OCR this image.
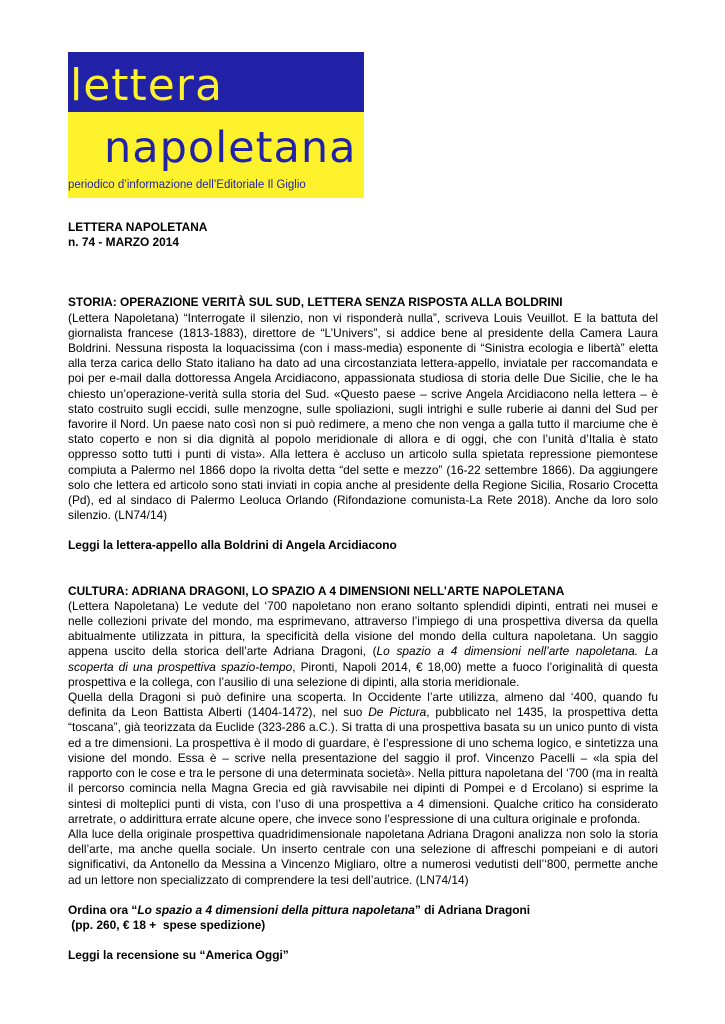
lettera
napoletana
periodico d’informazione dell’Editoriale Il Giglio
LETTERA NAPOLETANA
n. 74 - MARZO 2014
STORIA: OPERAZIONE VERITÀ SUL SUD, LETTERA SENZA RISPOSTA ALLA BOLDRINI
(Lettera Napoletana) “Interrogate il silenzio, non vi risponderà nulla”, scriveva Louis Veuillot. E la battuta del giornalista francese (1813-1883), direttore de “L’Univers”, si addice bene al presidente della Camera Laura Boldrini. Nessuna risposta la loquacissima (con i mass-media) esponente di “Sinistra ecologia e libertà” eletta alla terza carica dello Stato italiano ha dato ad una circostanziata lettera-appello, inviatale per raccomandata e poi per e-mail dalla dottoressa Angela Arcidiacono, appassionata studiosa di storia delle Due Sicilie, che le ha chiesto un’operazione-verità sulla storia del Sud. «Questo paese – scrive Angela Arcidiacono nella lettera – è stato costruito sugli eccidi, sulle menzogne, sulle spoliazioni, sugli intrighi e sulle ruberie ai danni del Sud per favorire il Nord. Un paese nato così non si può redimere, a meno che non venga a galla tutto il marciume che è stato coperto e non si dia dignità al popolo meridionale di allora e di oggi, che con l’unità d’Italia è stato oppresso sotto tutti i punti di vista». Alla lettera è accluso un articolo sulla spietata repressione piemontese compiuta a Palermo nel 1866 dopo la rivolta detta “del sette e mezzo” (16-22 settembre 1866). Da aggiungere solo che lettera ed articolo sono stati inviati in copia anche al presidente della Regione Sicilia, Rosario Crocetta (Pd), ed al sindaco di Palermo Leoluca Orlando (Rifondazione comunista-La Rete 2018). Anche da loro solo silenzio. (LN74/14)
Leggi la lettera-appello alla Boldrini di Angela Arcidiacono
CULTURA: ADRIANA DRAGONI, LO SPAZIO A 4 DIMENSIONI NELL’ARTE NAPOLETANA
(Lettera Napoletana) Le vedute del ‘700 napoletano non erano soltanto splendidi dipinti, entrati nei musei e nelle collezioni private del mondo, ma esprimevano, attraverso l’impiego di una prospettiva diversa da quella abitualmente utilizzata in pittura, la specificità della visione del mondo della cultura napoletana. Un saggio appena uscito della storica dell’arte Adriana Dragoni, (Lo spazio a 4 dimensioni nell’arte napoletana. La scoperta di una prospettiva spazio-tempo, Pironti, Napoli 2014, € 18,00) mette a fuoco l’originalità di questa prospettiva e la collega, con l’ausilio di una selezione di dipinti, alla storia meridionale.
Quella della Dragoni si può definire una scoperta. In Occidente l’arte utilizza, almeno dal ‘400, quando fu definita da Leon Battista Alberti (1404-1472), nel suo De Pictura, pubblicato nel 1435, la prospettiva detta “toscana”, già teorizzata da Euclide (323-286 a.C.). Si tratta di una prospettiva basata su un unico punto di vista ed a tre dimensioni. La prospettiva è il modo di guardare, è l’espressione di uno schema logico, e sintetizza una visione del mondo. Essa è – scrive nella presentazione del saggio il prof. Vincenzo Pacelli – «la spia del rapporto con le cose e tra le persone di una determinata società». Nella pittura napoletana del ‘700 (ma in realtà il percorso comincia nella Magna Grecia ed già ravvisabile nei dipinti di Pompei e d Ercolano) si esprime la sintesi di molteplici punti di vista, con l’uso di una prospettiva a 4 dimensioni. Qualche critico ha considerato arretrate, o addirittura errate alcune opere, che invece sono l’espressione di una cultura originale e profonda.
Alla luce della originale prospettiva quadridimensionale napoletana Adriana Dragoni analizza non solo la storia dell’arte, ma anche quella sociale. Un inserto centrale con una selezione di affreschi pompeiani e di autori significativi, da Antonello da Messina a Vincenzo Migliaro, oltre a numerosi vedutisti dell’‘800, permette anche ad un lettore non specializzato di comprendere la tesi dell’autrice. (LN74/14)
Ordina ora “Lo spazio a 4 dimensioni della pittura napoletana” di Adriana Dragoni
(pp. 260, € 18 +  spese spedizione)
Leggi la recensione su “America Oggi”
